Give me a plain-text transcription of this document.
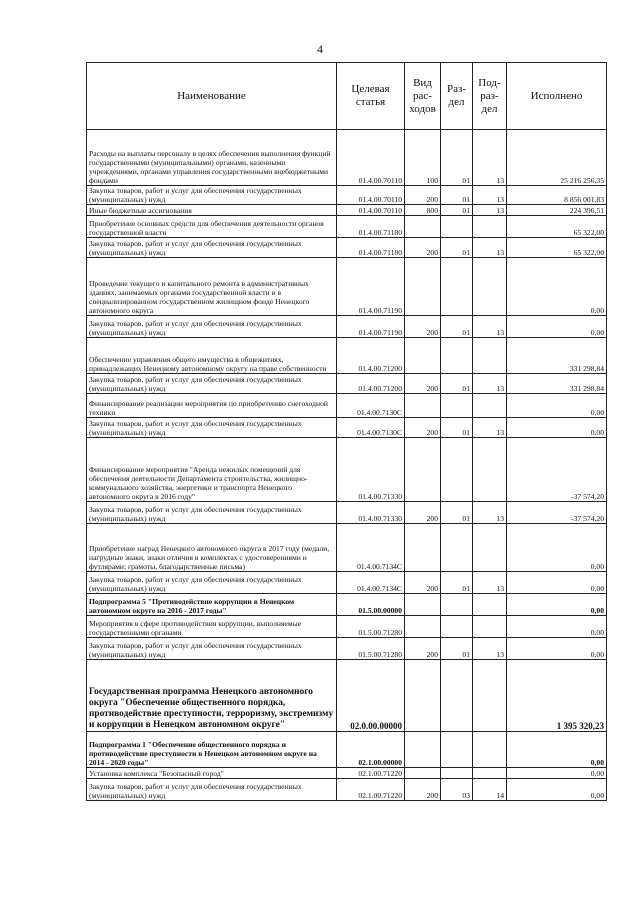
4
Наименование	Целевая статья	Вид рас- ходов	Раз- дел	Под- раз- дел	Исполнено
Расходы на выплаты персоналу в целях обеспечения выполнения функций государственными (муниципальными) органами, казенными учреждениями, органами управления государственными внебюджетными фондами	01.4.00.70110	100	01	13	25 216 256,35
Закупка товаров, работ и услуг для обеспечения государственных (муниципальных) нужд	01.4.00.70110	200	01	13	8 856 001,83
Иные бюджетные ассигнования	01.4.00.70110	800	01	13	224 396,51
Приобретение основных средств для обеспечения деятельности органов государственной власти	01.4.00.71180				65 322,00
Закупка товаров, работ и услуг для обеспечения государственных (муниципальных) нужд	01.4.00.71180	200	01	13	65 322,00
Проведение текущего и капитального ремонта в административных зданиях, занимаемых органами государственной власти и в специализированном государственном жилищном фонде Ненецкого автономного округа	01.4.00.71190				0,00
Закупка товаров, работ и услуг для обеспечения государственных (муниципальных) нужд	01.4.00.71190	200	01	13	0,00
Обеспечение управления общего имущества в общежитиях, принадлежащих Ненецкому автономному округу на праве собственности	01.4.00.71200				331 298,84
Закупка товаров, работ и услуг для обеспечения государственных (муниципальных) нужд	01.4.00.71200	200	01	13	331 298,84
Финансирование реализации мероприятия по приобретению снегоходной техники	01.4.00.7130С				0,00
Закупка товаров, работ и услуг для обеспечения государственных (муниципальных) нужд	01.4.00.7130С	200	01	13	0,00
Финансирование мероприятия "Аренда нежилых помещений для обеспечения деятельности Департамента строительства, жилищно-коммунального хозяйства, энергетики и транспорта Ненецкого автономного округа в 2016 году"	01.4.00.71330				-37 574,20
Закупка товаров, работ и услуг для обеспечения государственных (муниципальных) нужд	01.4.00.71330	200	01	13	-37 574,20
Приобретение наград Ненецкого автономного округа в 2017 году (медали, нагрудные знаки, знаки отличия в комплектах с удостоверениями и футлярами; грамоты, благодарственные письма)	01.4.00.7134С				0,00
Закупка товаров, работ и услуг для обеспечения государственных (муниципальных) нужд	01.4.00.7134С	200	01	13	0,00
Подпрограмма 5 "Противодействие коррупции в Ненецком автономном округе на 2016 - 2017 годы"	01.5.00.00000				0,00
Мероприятия в сфере противодействия коррупции, выполняемые государственными органами	01.5.00.71280				0,00
Закупка товаров, работ и услуг для обеспечения государственных (муниципальных) нужд	01.5.00.71280	200	01	13	0,00
Государственная программа Ненецкого автономного округа "Обеспечение общественного порядка, противодействие преступности, терроризму, экстремизму и коррупции в Ненецком автономном округе"	02.0.00.00000				1 395 320,23
Подпрограмма 1 "Обеспечение общественного порядка и противодействие преступности в Ненецком автономном округе на 2014 - 2020 годы"	02.1.00.00000				0,00
Установка комплекса "Безопасный город"	02.1.00.71220				0,00
Закупка товаров, работ и услуг для обеспечения государственных (муниципальных) нужд	02.1.00.71220	200	03	14	0,00
